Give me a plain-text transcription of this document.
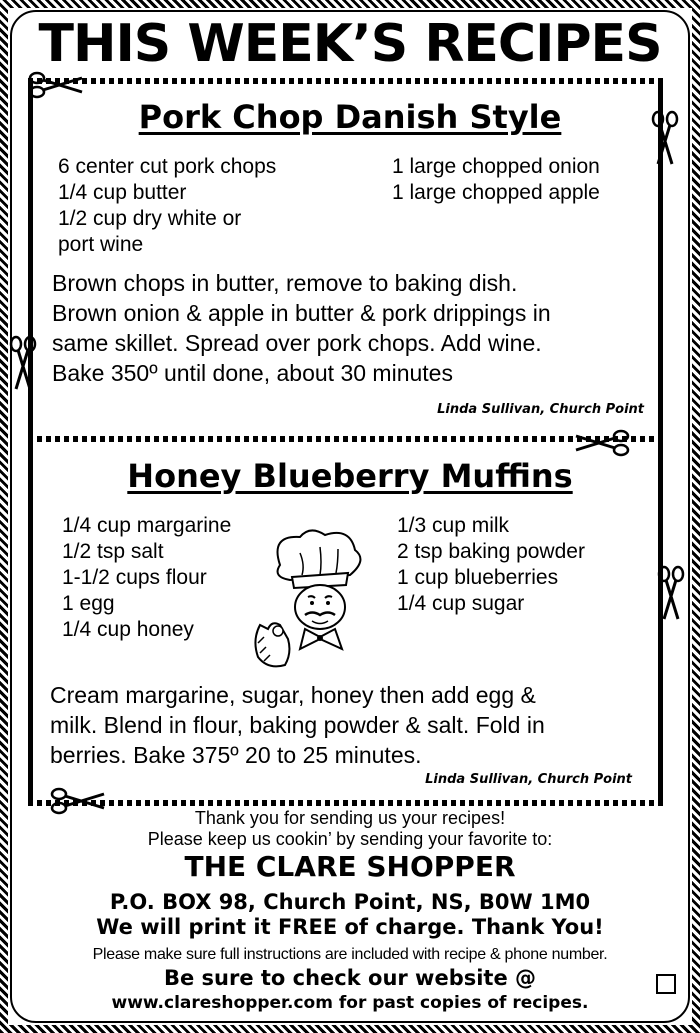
THIS WEEK’S RECIPES
Pork Chop Danish Style
6 center cut pork chops
1/4 cup butter
1/2 cup dry white or
port wine
1 large chopped onion
1 large chopped apple
Brown chops in butter, remove to baking dish.
Brown onion & apple in butter & pork drippings in
same skillet. Spread over pork chops. Add wine.
Bake 350º until done, about 30 minutes
Linda Sullivan, Church Point
Honey Blueberry Muffins
1/4 cup margarine
1/2 tsp salt
1-1/2 cups flour
1 egg
1/4 cup honey
1/3 cup milk
2 tsp baking powder
1 cup blueberries
1/4 cup sugar
Cream margarine, sugar, honey then add egg &
milk. Blend in flour, baking powder & salt. Fold in
berries. Bake 375º 20 to 25 minutes.
Linda Sullivan, Church Point
Thank you for sending us your recipes!
Please keep us cookin’ by sending your favorite to:
THE CLARE SHOPPER
P.O. BOX 98, Church Point, NS, B0W 1M0
We will print it FREE of charge. Thank You!
Please make sure full instructions are included with recipe & phone number.
Be sure to check our website @
www.clareshopper.com for past copies of recipes.
